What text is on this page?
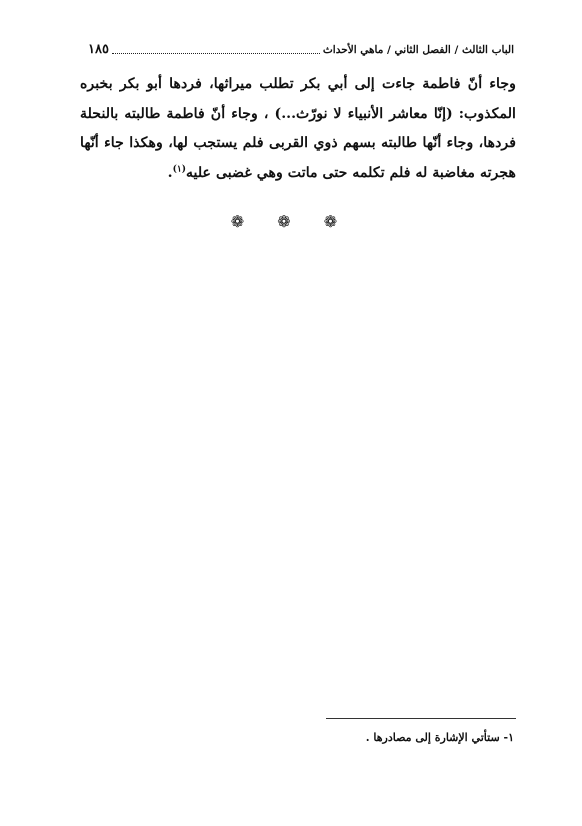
الباب الثالث / الفصل الثاني / ماهي الأحداث
١٨٥

وجاء أنّ فاطمة جاءت إلى أبي بكر تطلب ميراثها، فردها أبو بكر بخبره المكذوب: (إنّا معاشر الأنبياء لا نورّث...) ، وجاء أنّ فاطمة طالبته بالنحلة فردها، وجاء أنّها طالبته بسهم ذوي القربى فلم يستجب لها، وهكذا جاء أنّها هجرته مغاضبة له فلم تكلمه حتى ماتت وهي غضبى عليه$^{(١)}$.

❁ ❁ ❁
١- ستأتي الإشارة إلى مصادرها .
